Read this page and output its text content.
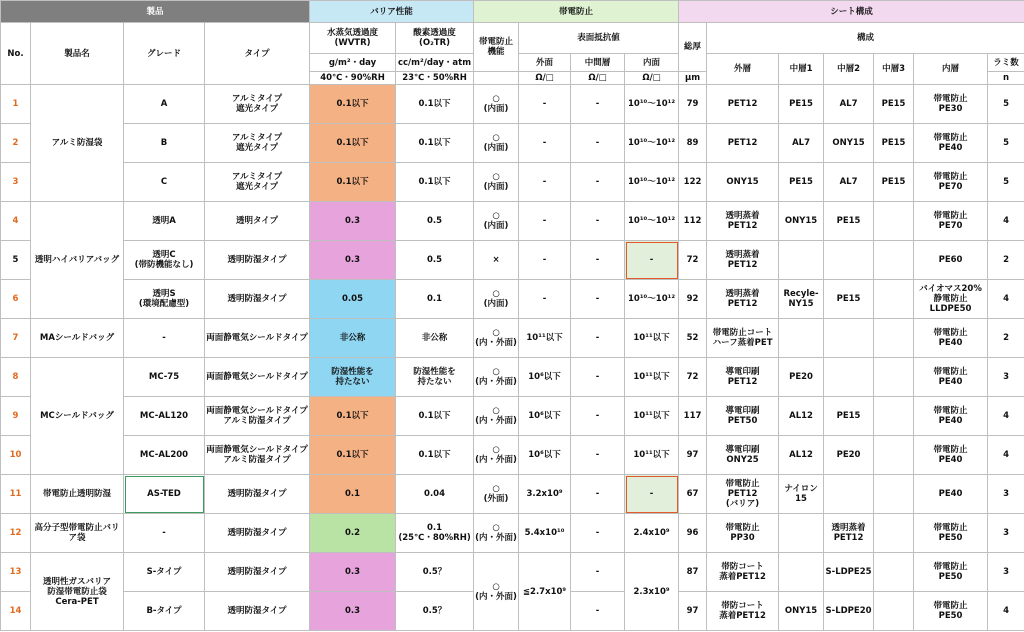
製品				バリア性能		帯電防止				シート構成						
No.	製品名	グレード	タイプ	水蒸気透過度
(WVTR)	酸素透過度
(O₂TR)	帯電防止
機能	表面抵抗値			総厚	構成					
				g/m²・day	cc/m²/day・atm		外面	中間層	内面		外層	中層1	中層2	中層3	内層	ラミ数

				40℃・90%RH	23℃・50%RH		Ω/□	Ω/□	Ω/□	μm						n
1	アルミ防湿袋	A	アルミタイプ
遮光タイプ	0.1以下	0.1以下	○
(内面)	-	-	10¹⁰～10¹²	79	PET12	PE15	AL7	PE15	帯電防止
PE30	5
2		B	アルミタイプ
遮光タイプ	0.1以下	0.1以下	○
(内面)	-	-	10¹⁰～10¹²	89	PET12	AL7	ONY15	PE15	帯電防止
PE40	5
3		C	アルミタイプ
遮光タイプ	0.1以下	0.1以下	○
(内面)	-	-	10¹⁰～10¹²	122	ONY15	PE15	AL7	PE15	帯電防止
PE70	5
4	透明ハイバリアバッグ	透明A	透明タイプ	0.3	0.5	○
(内面)	-	-	10¹⁰～10¹²	112	透明蒸着
PET12	ONY15	PE15		帯電防止
PE70	4
5		透明C
(帯防機能なし)	透明防湿タイプ	0.3	0.5	×	-	-	-	72	透明蒸着
PET12				PE60	2
6		透明S
(環境配慮型)	透明防湿タイプ	0.05	0.1	○
(内面)	-	-	10¹⁰～10¹²	92	透明蒸着
PET12	Recyle-
NY15	PE15		バイオマス20%
静電防止
LLDPE50	4
7	MAシールドバッグ	-	両面静電気シールドタイプ	非公称	非公称	○
(内・外面)	10¹¹以下	-	10¹¹以下	52	帯電防止コート
ハーフ蒸着PET				帯電防止
PE40	2
8	MCシールドバッグ	MC-75	両面静電気シールドタイプ	防湿性能を
持たない	防湿性能を
持たない	○
(内・外面)	10⁶以下	-	10¹¹以下	72	導電印刷
PET12	PE20			帯電防止
PE40	3
9		MC-AL120	両面静電気シールドタイプ
アルミ防湿タイプ	0.1以下	0.1以下	○
(内・外面)	10⁶以下	-	10¹¹以下	117	導電印刷
PET50	AL12	PE15		帯電防止
PE40	4
10		MC-AL200	両面静電気シールドタイプ
アルミ防湿タイプ	0.1以下	0.1以下	○
(内・外面)	10⁶以下	-	10¹¹以下	97	導電印刷
ONY25	AL12	PE20		帯電防止
PE40	4
11	帯電防止透明防湿	AS-TED	透明防湿タイプ	0.1	0.04	○
(外面)	3.2x10⁹	-	-	67	帯電防止
PET12
(バリア)	ナイロン15			PE40	3
12	高分子型帯電防止バリア袋	-	透明防湿タイプ	0.2	0.1
(25℃・80%RH)	○
(内・外面)	5.4x10¹⁰	-	2.4x10⁹	96	帯電防止
PP30		透明蒸着
PET12		帯電防止
PE50	3
13	透明性ガスバリア
防湿帯電防止袋
Cera-PET	S-タイプ	透明防湿タイプ	0.3	0.5？	○
(内・外面)	≦2.7x10⁹	-	2.3x10⁹	87	帯防コート
蒸着PET12		S-LDPE25		帯電防止
PE50	3
14		B-タイプ	透明防湿タイプ	0.3	0.5？			-		97	帯防コート
蒸着PET12	ONY15	S-LDPE20		帯電防止
PE50	4
